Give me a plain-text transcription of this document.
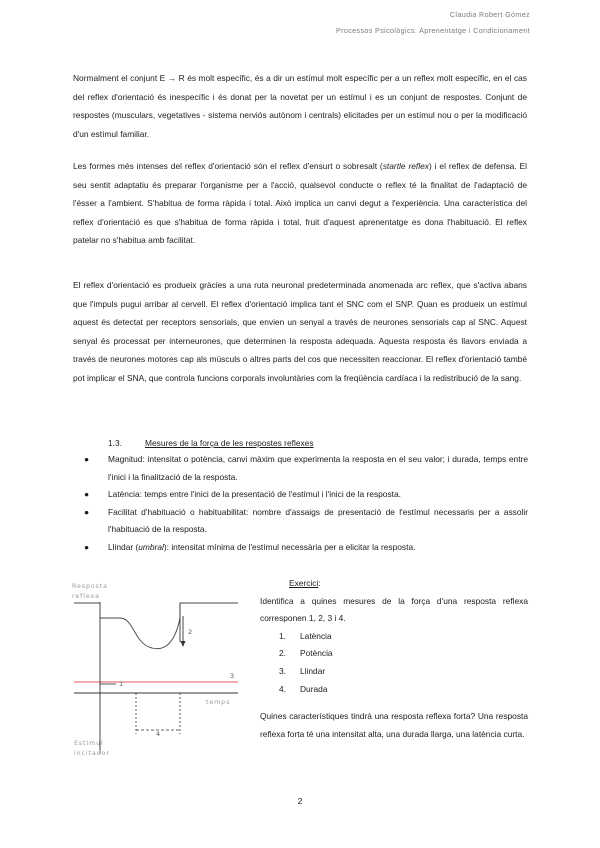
Claudia Robert Gómez
Processos Psicològics: Aprenentatge i Condicionament

Normalment el conjunt E → R és molt específic, és a dir un estímul molt específic per a un reflex molt específic, en el cas del reflex d'orientació és inespecífic i és donat per la novetat per un estímul i es un conjunt de respostes. Conjunt de respostes (musculars, vegetatives - sistema nerviós autònom i centrals) elicitades per un estímul nou o per la modificació d'un estímul familiar.

Les formes més intenses del reflex d'orientació són el reflex d'ensurt o sobresalt (startle reflex) i el reflex de defensa. El seu sentit adaptatiu és preparar l'organisme per a l'acció, qualsevol conducte o reflex té la finalitat de l'adaptació de l'ésser a l'ambient. S'habitua de forma ràpida i total. Això implica un canvi degut a l'experiència. Una característica del reflex d'orientació es que s'habitua de forma ràpida i total, fruit d'aquest aprenentatge es dona l'habituació. El reflex patelar no s'habitua amb facilitat.

El reflex d'orientació es produeix gràcies a una ruta neuronal predeterminada anomenada arc reflex, que s'activa abans que l'impuls pugui arribar al cervell. El reflex d'orientació implica tant el SNC com el SNP. Quan es produeix un estímul aquest és detectat per receptors sensorials, que envien un senyal a través de neurones sensorials cap al SNC. Aquest senyal és processat per interneurones, que determinen la resposta adequada. Aquesta resposta és llavors enviada a través de neurones motores cap als músculs o altres parts del cos que necessiten reaccionar. El reflex d'orientació també pot implicar el SNA, que controla funcions corporals involuntàries com la freqüència cardíaca i la redistribució de la sang.

1.3.	Mesures de la força de les respostes reflexes
● Magnitud: intensitat o potència, canvi màxim que experimenta la resposta en el seu valor; i durada, temps entre l'inici i la finalització de la resposta.
● Latència: temps entre l'inici de la presentació de l'estímul i l'inici de la resposta.
● Facilitat d'habituació o habituabilitat: nombre d'assaigs de presentació de l'estímul necessaris per a assolir l'habituació de la resposta.
● Llindar (umbral): intensitat mínima de l'estímul necessària per a elicitar la resposta.
Resposta
reflexa
2
1
3
temps
4
Estímul
incitador
Exercici:

Identifica a quines mesures de la força d'una resposta reflexa corresponen 1, 2, 3 i 4.

1. Latència
2. Potència
3. Llindar
4. Durada

Quines característiques tindrà una resposta reflexa forta? Una resposta reflexa forta té una intensitat alta, una durada llarga, una latència curta.

2
